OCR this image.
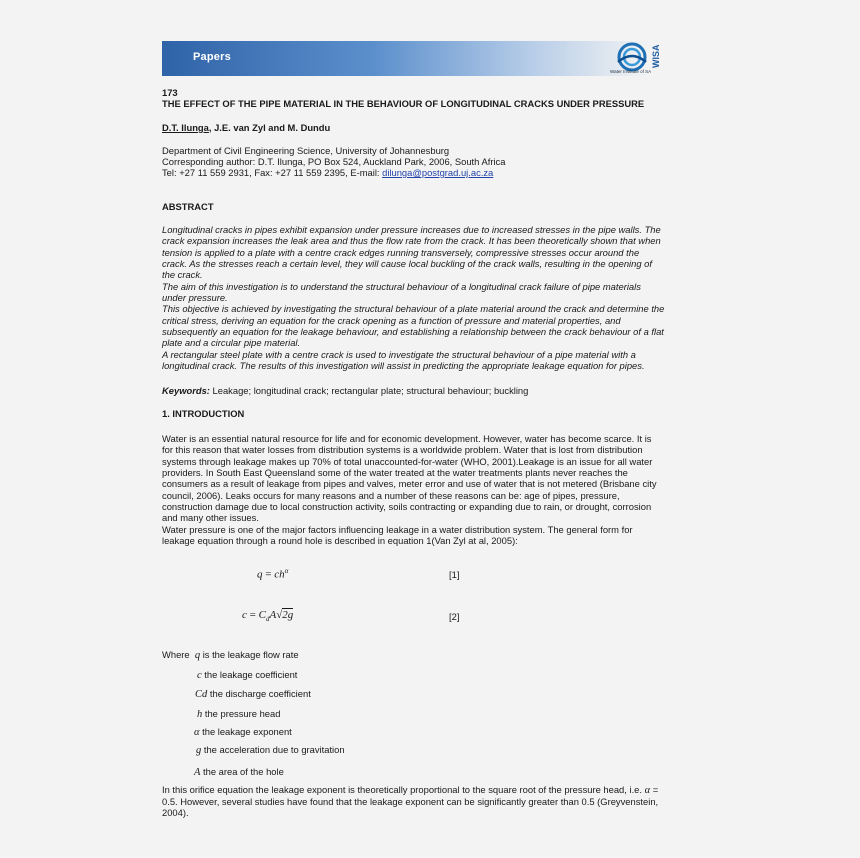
Papers	WISA
Water Institute of SA
173
THE EFFECT OF THE PIPE MATERIAL IN THE BEHAVIOUR OF LONGITUDINAL CRACKS UNDER PRESSURE
D.T. Ilunga, J.E. van Zyl and M. Dundu
Department of Civil Engineering Science, University of Johannesburg
Corresponding author: D.T. Ilunga, PO Box 524, Auckland Park, 2006, South Africa
Tel: +27 11 559 2931, Fax: +27 11 559 2395, E-mail: dilunga@postgrad.uj.ac.za
ABSTRACT

Longitudinal cracks in pipes exhibit expansion under pressure increases due to increased stresses in the pipe walls. The

crack expansion increases the leak area and thus the flow rate from the crack. It has been theoretically shown that when

tension is applied to a plate with a centre crack edges running transversely, compressive stresses occur around the

crack. As the stresses reach a certain level, they will cause local buckling of the crack walls, resulting in the opening of

the crack.

The aim of this investigation is to understand the structural behaviour of a longitudinal crack failure of pipe materials

under pressure.

This objective is achieved by investigating the structural behaviour of a plate material around the crack and determine the

critical stress, deriving an equation for the crack opening as a function of pressure and material properties, and

subsequently an equation for the leakage behaviour, and establishing a relationship between the crack behaviour of a flat

plate and a circular pipe material.

A rectangular steel plate with a centre crack is used to investigate the structural behaviour of a pipe material with a

longitudinal crack. The results of this investigation will assist in predicting the appropriate leakage equation for pipes.

Keywords: Leakage; longitudinal crack; rectangular plate; structural behaviour; buckling
1. INTRODUCTION

Water is an essential natural resource for life and for economic development. However, water has become scarce. It is

for this reason that water losses from distribution systems is a worldwide problem. Water that is lost from distribution

systems through leakage makes up 70% of total unaccounted-for-water (WHO, 2001).Leakage is an issue for all water

providers. In South East Queensland some of the water treated at the water treatments plants never reaches the

consumers as a result of leakage from pipes and valves, meter error and use of water that is not metered (Brisbane city

council, 2006). Leaks occurs for many reasons and a number of these reasons can be: age of pipes, pressure,

construction damage due to local construction activity, soils contracting or expanding due to rain, or drought, corrosion

and many other issues.

Water pressure is one of the major factors influencing leakage in a water distribution system. The general form for

leakage equation through a round hole is described in equation 1(Van Zyl at al, 2005):

$q = ch^\alpha$	[1]
$c = C_dA√2g$	[2]
Where q is the leakage flow rate
c the leakage coefficient
Cd the discharge coefficient
h the pressure head
α the leakage exponent
g the acceleration due to gravitation
A the area of the hole
In this orifice equation the leakage exponent is theoretically proportional to the square root of the pressure head, i.e. α =
0.5. However, several studies have found that the leakage exponent can be significantly greater than 0.5 (Greyvenstein,
2004).
